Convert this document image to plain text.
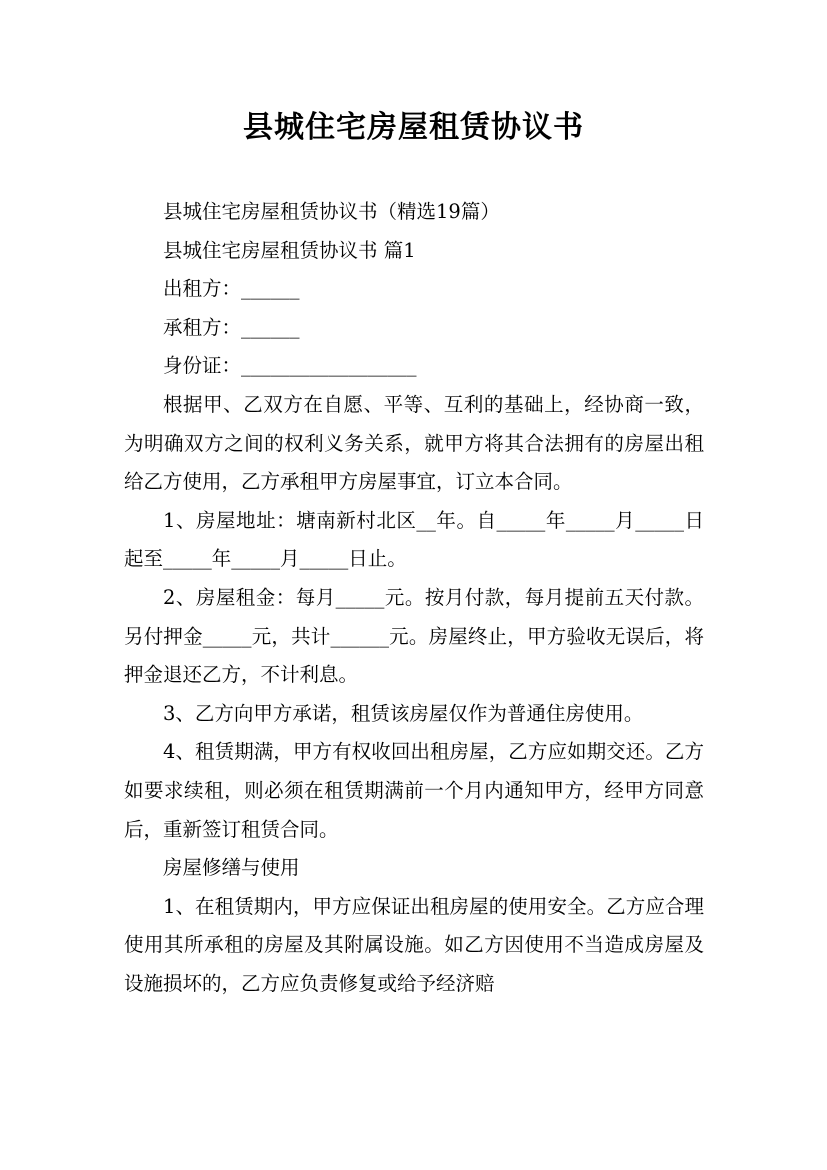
县城住宅房屋租赁协议书

县城住宅房屋租赁协议书（精选19篇）

县城住宅房屋租赁协议书 篇1

出租方：______

承租方：______

身份证：__________________

根据甲、乙双方在自愿、平等、互利的基础上，经协商一致，为明确双方之间的权利义务关系，就甲方将其合法拥有的房屋出租给乙方使用，乙方承租甲方房屋事宜，订立本合同。

1、房屋地址：塘南新村北区__年。自_____年_____月_____日起至_____年_____月_____日止。

2、房屋租金：每月_____元。按月付款，每月提前五天付款。另付押金_____元，共计______元。房屋终止，甲方验收无误后，将押金退还乙方，不计利息。

3、乙方向甲方承诺，租赁该房屋仅作为普通住房使用。

4、租赁期满，甲方有权收回出租房屋，乙方应如期交还。乙方如要求续租，则必须在租赁期满前一个月内通知甲方，经甲方同意后，重新签订租赁合同。

房屋修缮与使用

1、在租赁期内，甲方应保证出租房屋的使用安全。乙方应合理使用其所承租的房屋及其附属设施。如乙方因使用不当造成房屋及设施损坏的，乙方应负责修复或给予经济赔
